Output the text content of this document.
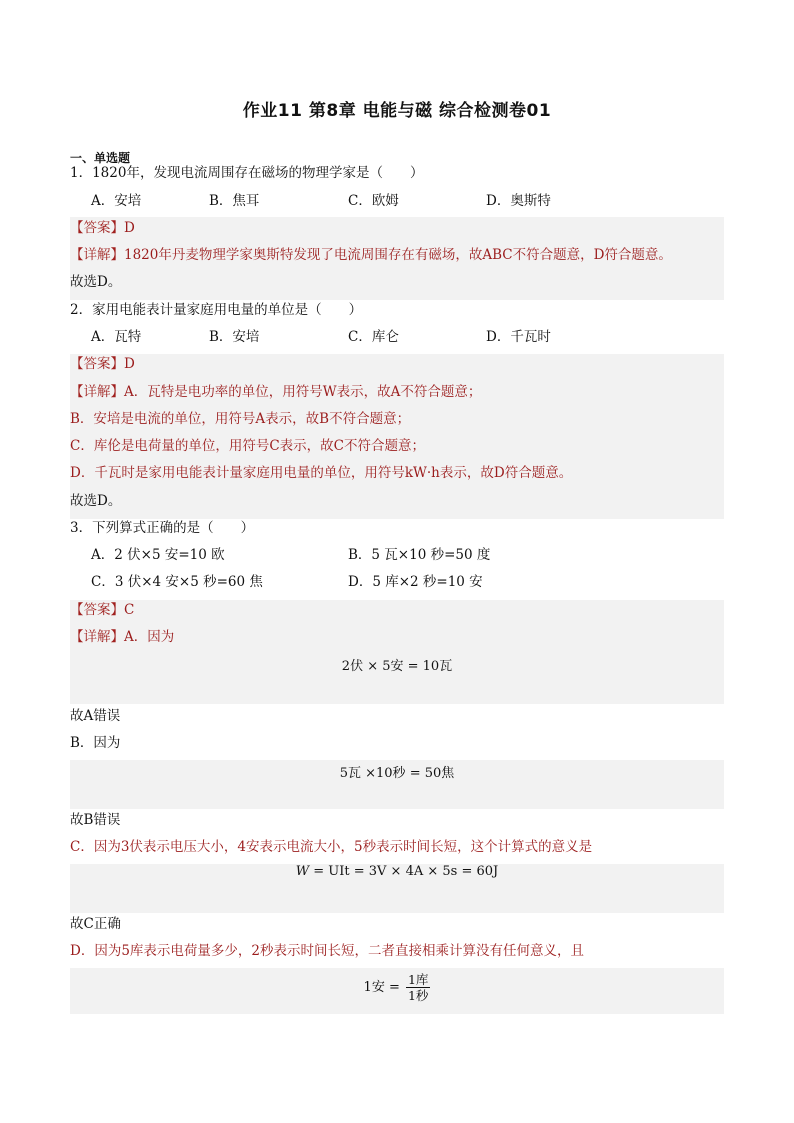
作业11 第8章 电能与磁 综合检测卷01
一、单选题
1．1820年，发现电流周围存在磁场的物理学家是（　　）
A．安培	B．焦耳	C．欧姆	D．奥斯特
【答案】D
【详解】1820年丹麦物理学家奥斯特发现了电流周围存在有磁场，故ABC不符合题意，D符合题意。
故选D。
2．家用电能表计量家庭用电量的单位是（　　）
A．瓦特	B．安培	C．库仑	D．千瓦时
【答案】D
【详解】A．瓦特是电功率的单位，用符号W表示，故A不符合题意；
B．安培是电流的单位，用符号A表示，故B不符合题意；
C．库伦是电荷量的单位，用符号C表示，故C不符合题意；
D．千瓦时是家用电能表计量家庭用电量的单位，用符号kW·h表示，故D符合题意。
故选D。
3．下列算式正确的是（　　）
A．2 伏×5 安=10 欧	B．5 瓦×10 秒=50 度
C．3 伏×4 安×5 秒=60 焦	D．5 库×2 秒=10 安
【答案】C
【详解】A．因为
2伏 × 5安 = 10瓦
故A错误
B．因为
5瓦 ×10秒 = 50焦
故B错误
C．因为3伏表示电压大小，4安表示电流大小，5秒表示时间长短，这个计算式的意义是
W = UIt = 3V × 4A × 5s = 60J
故C正确
D．因为5库表示电荷量多少，2秒表示时间长短，二者直接相乘计算没有任何意义，且
1安 = $\frac{\text{1库}}{\text{1秒}}$
